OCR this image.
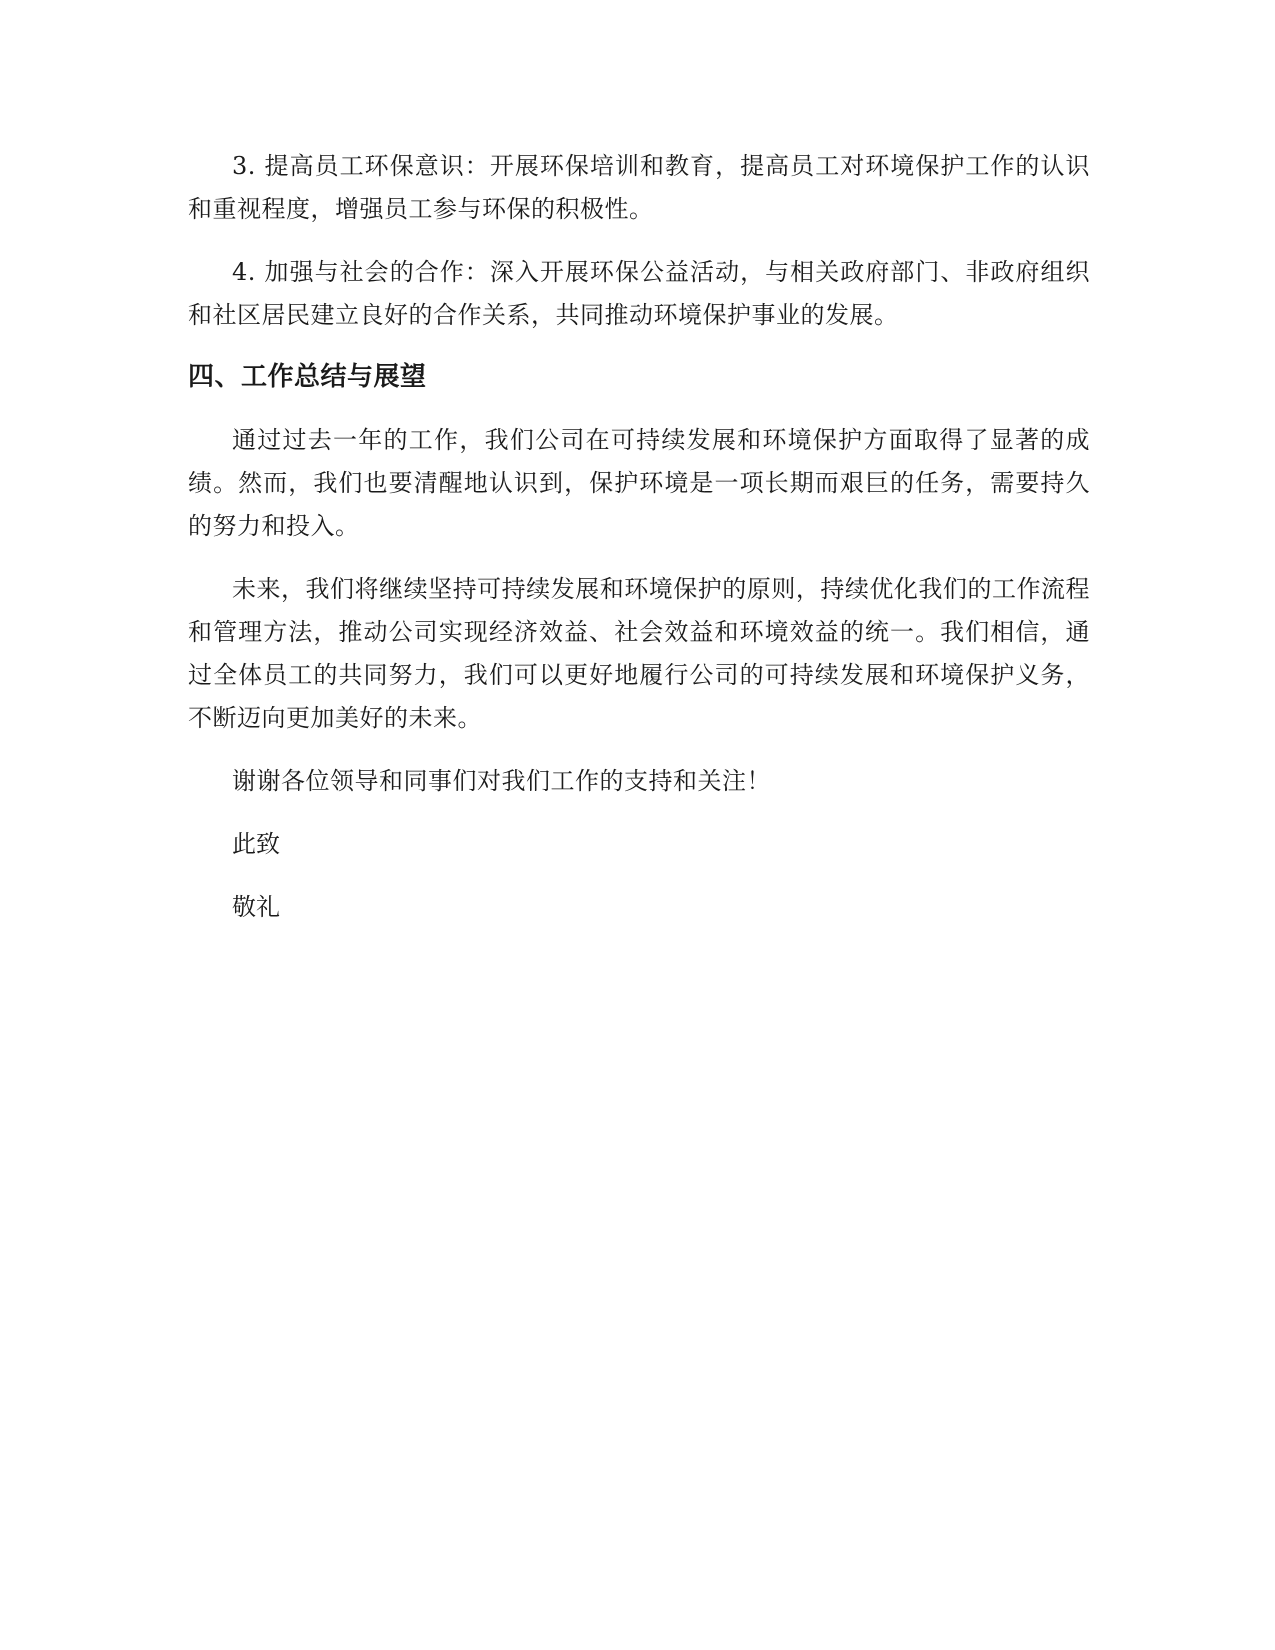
3. 提高员工环保意识：开展环保培训和教育，提高员工对环境保护工作的认识和重视程度，增强员工参与环保的积极性。

4. 加强与社会的合作：深入开展环保公益活动，与相关政府部门、非政府组织和社区居民建立良好的合作关系，共同推动环境保护事业的发展。

四、工作总结与展望

通过过去一年的工作，我们公司在可持续发展和环境保护方面取得了显著的成绩。然而，我们也要清醒地认识到，保护环境是一项长期而艰巨的任务，需要持久的努力和投入。

未来，我们将继续坚持可持续发展和环境保护的原则，持续优化我们的工作流程和管理方法，推动公司实现经济效益、社会效益和环境效益的统一。我们相信，通过全体员工的共同努力，我们可以更好地履行公司的可持续发展和环境保护义务，不断迈向更加美好的未来。

谢谢各位领导和同事们对我们工作的支持和关注！

此致

敬礼
